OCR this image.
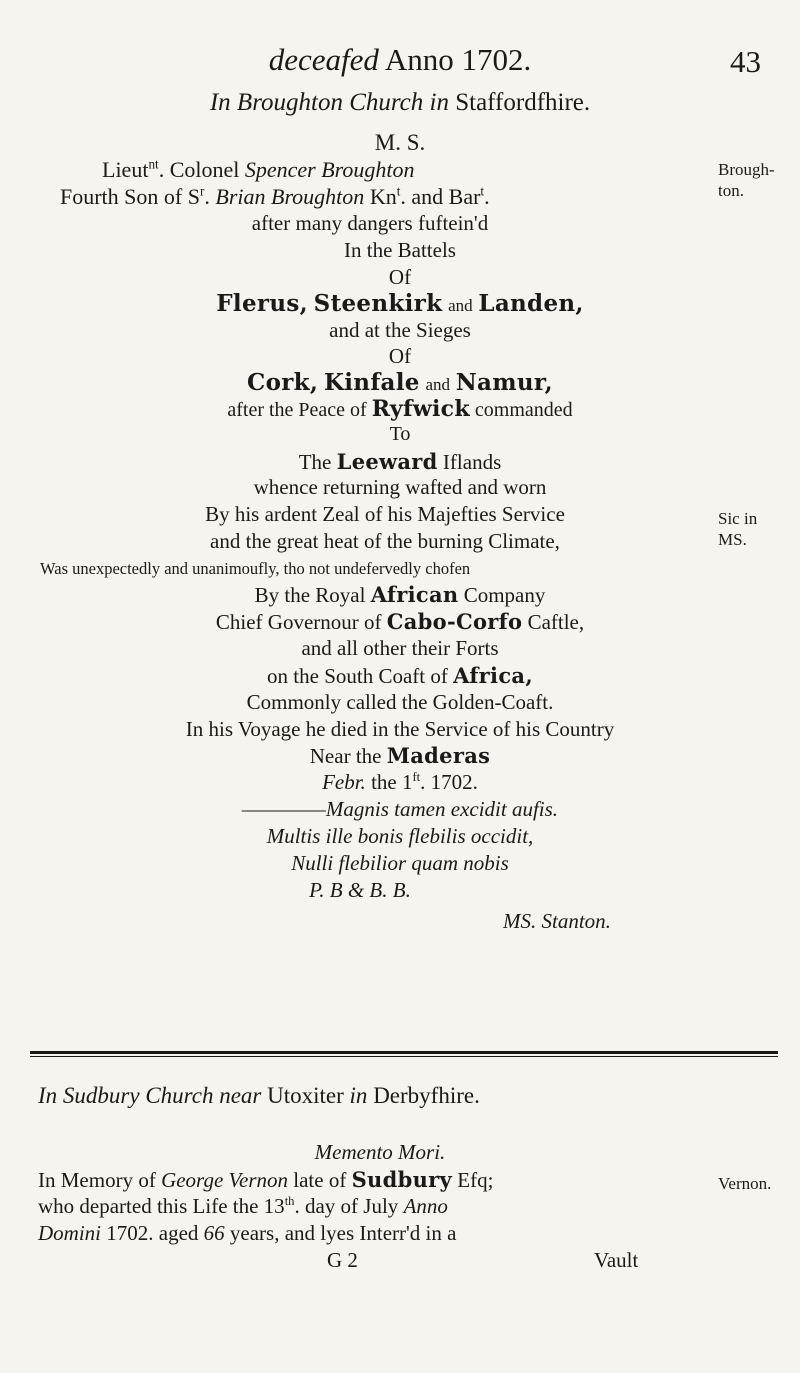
deceafed Anno 1702.	43
In Broughton Church in Staffordfhire.
M. S.
Lieut$^{nt}$. Colonel Spencer Broughton
Fourth Son of $S^r$. Brian Broughton Kn$^t$. and Bar$^t$.
after many dangers fuftein'd
In the Battels
Of
Flerus, Steenkirk and Landen,
and at the Sieges
Of
Cork, Kinfale and Namur,
after the Peace of Ryfwick commanded
To
The Leeward Iflands
whence returning wafted and worn
By his ardent Zeal of his Majefties Service
and the great heat of the burning Climate,
Was unexpectedly and unanimoufly, tho not undefervedly chofen
By the Royal African Company
Chief Governour of Cabo-Corfo Caftle,
and all other their Forts
on the South Coaft of Africa,
Commonly called the Golden-Coaft.
In his Voyage he died in the Service of his Country
Near the Maderas
Febr. the $1^{ft}$. 1702.
————Magnis tamen excidit aufis.
Multis ille bonis flebilis occidit,
Nulli flebilior quam nobis
P. B & B. B.
MS. Stanton.
Brough-
ton.
Sic in
MS.
In Sudbury Church near Utoxiter in Derbyfhire.
Memento Mori.
In Memory of George Vernon late of Sudbury Efq;	Vernon.
who departed this Life the 13th. day of July Anno
Domini 1702. aged 66 years, and lyes Interr'd in a
G 2	Vault
